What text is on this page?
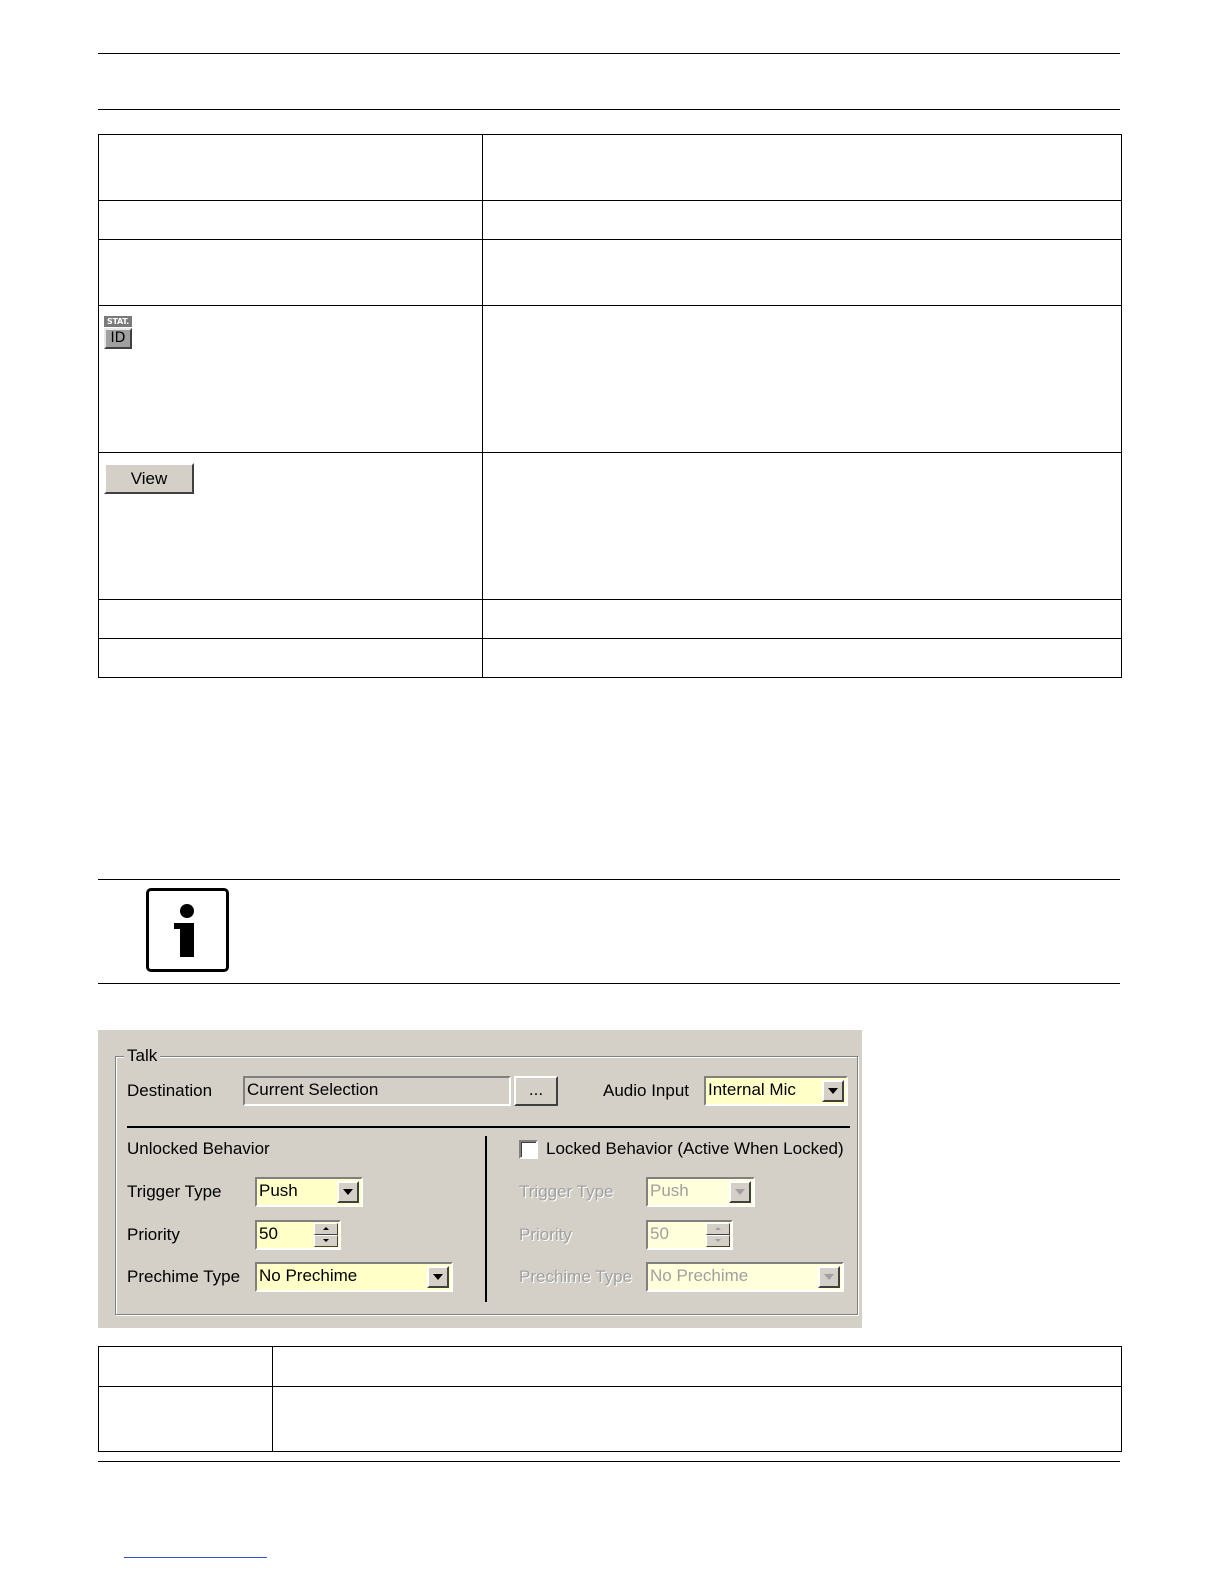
STAT.
ID	

View	

Talk
Destination Current Selection	...	Audio Input Internal Mic
Unlocked Behavior
Trigger Type Push
Priority	50
Prechime Type No Prechime
Locked Behavior (Active When Locked)
Trigger Type Push
Priority	50
Prechime Type No Prechime
